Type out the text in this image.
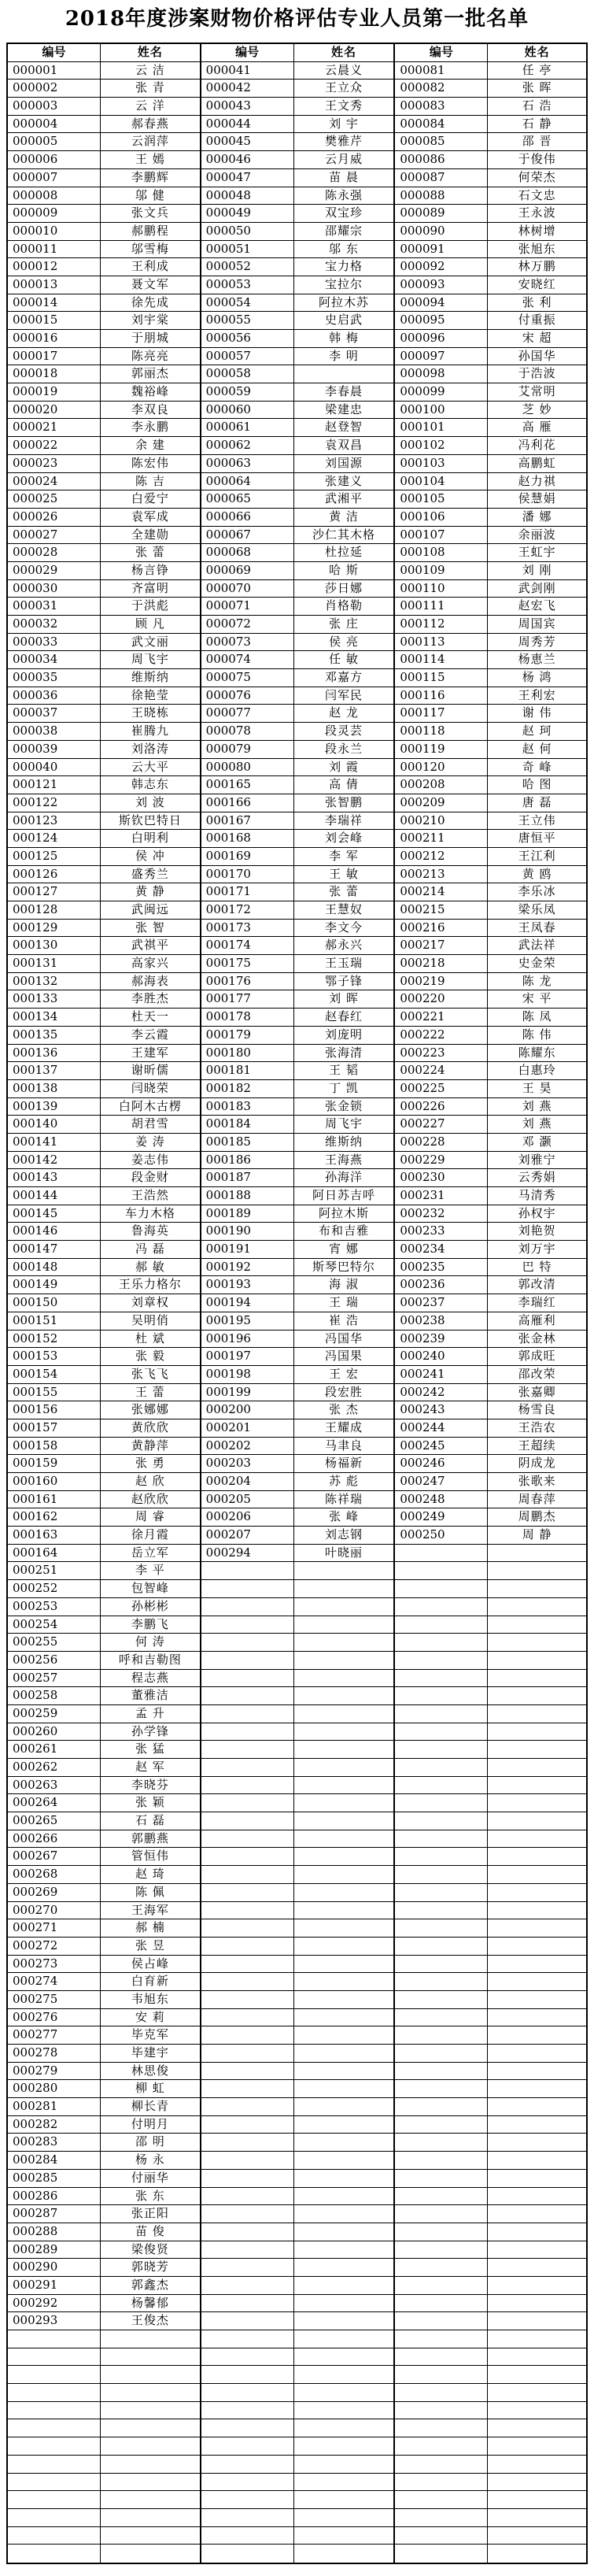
2018年度涉案财物价格评估专业人员第一批名单
编号	姓名
000001	云 洁
000002	张 青
000003	云 洋
000004	郝春燕
000005	云润萍
000006	王 嫣
000007	李鹏辉
000008	邬 健
000009	张文兵
000010	郝鹏程
000011	邬雪梅
000012	王利成
000013	聂文军
000014	徐先成
000015	刘宇棠
000016	于朋城
000017	陈亮亮
000018	郭丽杰
000019	魏裕峰
000020	李双良
000021	李永鹏
000022	余 建
000023	陈宏伟
000024	陈 吉
000025	白爱宁
000026	袁军成
000027	全建勋
000028	张 蕾
000029	杨言铮
000030	齐富明
000031	于洪彪
000032	顾 凡
000033	武文丽
000034	周飞宇
000035	维斯纳
000036	徐艳莹
000037	王晓栋
000038	崔腾九
000039	刘洛涛
000040	云大平
000121	韩志东
000122	刘 波
000123	斯钦巴特日
000124	白明利
000125	侯 冲
000126	盛秀兰
000127	黄 静
000128	武闽远
000129	张 智
000130	武祺平
000131	高家兴
000132	郝海表
000133	李胜杰
000134	杜天一
000135	李云霞
000136	王建军
000137	谢昕儒
000138	闫晓荣
000139	白阿木古楞
000140	胡君雪
000141	姜 涛
000142	姜志伟
000143	段金财
000144	王浩然
000145	车力木格
000146	鲁海英
000147	冯 磊
000148	郝 敏
000149	王乐力格尔
000150	刘章权
000151	吴明俏
000152	杜 斌
000153	张 毅
000154	张飞飞
000155	王 蕾
000156	张娜娜
000157	黄欣欣
000158	黄静萍
000159	张 勇
000160	赵 欣
000161	赵欣欣
000162	周 睿
000163	徐月霞
000164	岳立军
000251	李 平
000252	包智峰
000253	孙彬彬
000254	李鹏飞
000255	何 涛
000256	呼和吉勒图
000257	程志燕
000258	董雅洁
000259	孟 升
000260	孙学锋
000261	张 猛
000262	赵 军
000263	李晓芬
000264	张 颖
000265	石 磊
000266	郭鹏燕
000267	管恒伟
000268	赵 琦
000269	陈 佩
000270	王海军
000271	郝 楠
000272	张 昱
000273	侯占峰
000274	白育新
000275	韦旭东
000276	安 莉
000277	毕克军
000278	毕建宇
000279	林思俊
000280	柳 虹
000281	柳长青
000282	付明月
000283	邵 明
000284	杨 永
000285	付丽华
000286	张 东
000287	张正阳
000288	苗 俊
000289	梁俊贤
000290	郭晓芳
000291	郭鑫杰
000292	杨馨郁
000293	王俊杰
编号	姓名
000041	云晨义
000042	王立众
000043	王文秀
000044	刘 宇
000045	樊雅芹
000046	云月威
000047	苗 晨
000048	陈永强
000049	双宝珍
000050	邵耀宗
000051	邬 东
000052	宝力格
000053	宝拉尔
000054	阿拉木苏
000055	史启武
000056	韩 梅
000057	李 明
000058
000059	李春晨
000060	梁建忠
000061	赵登智
000062	袁双昌
000063	刘国源
000064	张建义
000065	武湘平
000066	黄 洁
000067	沙仁其木格
000068	杜拉延
000069	哈 斯
000070	莎日娜
000071	肖格勒
000072	张 庄
000073	侯 亮
000074	任 敏
000075	邓嘉方
000076	闫军民
000077	赵 龙
000078	段灵芸
000079	段永兰
000080	刘 霞
000165	高 倩
000166	张智鹏
000167	李瑞祥
000168	刘会峰
000169	李 军
000170	王 敏
000171	张 蕾
000172	王慧奴
000173	李文今
000174	郝永兴
000175	王玉瑞
000176	鄂子锋
000177	刘 晖
000178	赵春红
000179	刘庞明
000180	张海清
000181	王 韬
000182	丁 凯
000183	张金锁
000184	周飞宇
000185	维斯纳
000186	王海燕
000187	孙海洋
000188	阿日苏吉呼
000189	阿拉木斯
000190	布和吉雅
000191	宵 娜
000192	斯琴巴特尔
000193	海 淑
000194	王 瑞
000195	崔 浩
000196	冯国华
000197	冯国果
000198	王 宏
000199	段宏胜
000200	张 杰
000201	王耀成
000202	马聿良
000203	杨福新
000204	苏 彪
000205	陈祥瑞
000206	张 峰
000207	刘志钢
000294	叶晓丽
编号	姓名
000081	任 亭
000082	张 晖
000083	石 浩
000084	石 静
000085	邵 晋
000086	于俊伟
000087	何荣杰
000088	石文忠
000089	王永波
000090	林树增
000091	张旭东
000092	林万鹏
000093	安晓红
000094	张 利
000095	付重振
000096	宋 超
000097	孙国华
000098	于浩波
000099	艾常明
000100	芝 妙
000101	高 雁
000102	冯利花
000103	高鹏虹
000104	赵力祺
000105	侯慧娟
000106	潘 娜
000107	余丽波
000108	王虹宇
000109	刘 刚
000110	武剑刚
000111	赵宏飞
000112	周国宾
000113	周秀芳
000114	杨恵兰
000115	杨 鸿
000116	王利宏
000117	谢 伟
000118	赵 珂
000119	赵 何
000120	奇 峰
000208	哈 图
000209	唐 磊
000210	王立伟
000211	唐恒平
000212	王江利
000213	黄 鸥
000214	李乐冰
000215	梁乐凤
000216	王凤春
000217	武法祥
000218	史金荣
000219	陈 龙
000220	宋 平
000221	陈 凤
000222	陈 伟
000223	陈耀东
000224	白惠玲
000225	王 昊
000226	刘 燕
000227	刘 燕
000228	邓 灏
000229	刘雅宁
000230	云秀娟
000231	马清秀
000232	孙权宇
000233	刘艳贺
000234	刘万宇
000235	巴 特
000236	郭改清
000237	李瑞红
000238	高雁利
000239	张金林
000240	郭成旺
000241	邵改荣
000242	张嘉卿
000243	杨雪良
000244	王浩农
000245	王超续
000246	阴成龙
000247	张歌来
000248	周春萍
000249	周鹏杰
000250	周 静
